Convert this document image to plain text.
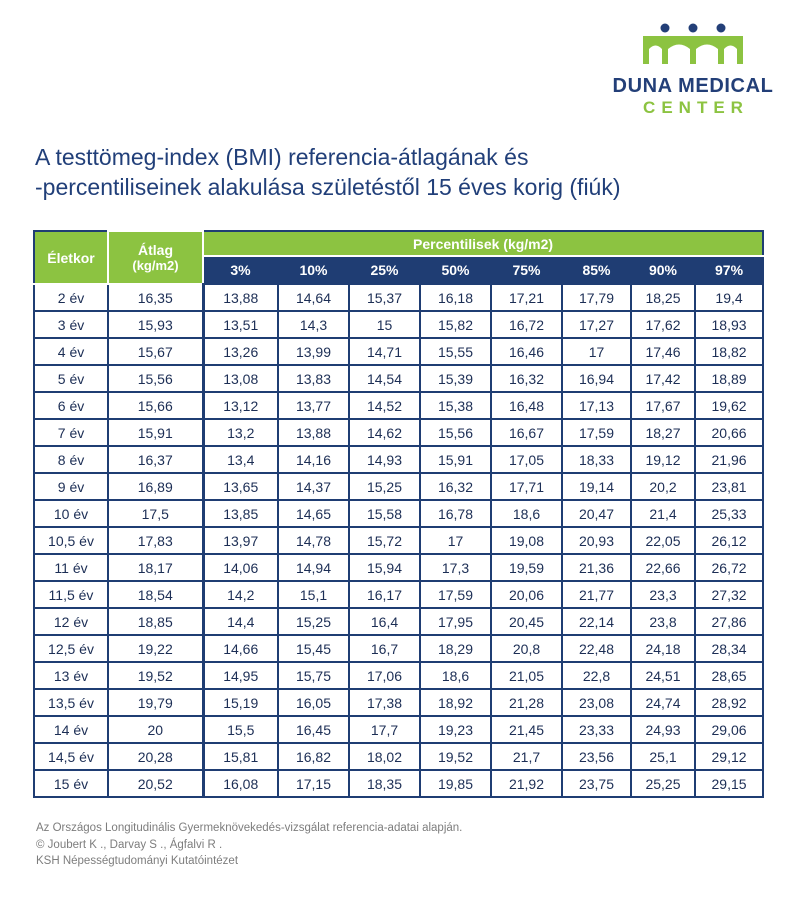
DUNA MEDICAL
CENTER
A testtömeg-index (BMI) referencia-átlagának és
-percentiliseinek alakulása születéstől 15 éves korig (fiúk)
Életkor	Átlag
(kg/m2)	Percentilisek (kg/m2)							
		3%	10%	25%	50%	75%	85%	90%	97%
2 év	16,35	13,88	14,64	15,37	16,18	17,21	17,79	18,25	19,4
3 év	15,93	13,51	14,3	15	15,82	16,72	17,27	17,62	18,93
4 év	15,67	13,26	13,99	14,71	15,55	16,46	17	17,46	18,82
5 év	15,56	13,08	13,83	14,54	15,39	16,32	16,94	17,42	18,89
6 év	15,66	13,12	13,77	14,52	15,38	16,48	17,13	17,67	19,62
7 év	15,91	13,2	13,88	14,62	15,56	16,67	17,59	18,27	20,66
8 év	16,37	13,4	14,16	14,93	15,91	17,05	18,33	19,12	21,96
9 év	16,89	13,65	14,37	15,25	16,32	17,71	19,14	20,2	23,81
10 év	17,5	13,85	14,65	15,58	16,78	18,6	20,47	21,4	25,33
10,5 év	17,83	13,97	14,78	15,72	17	19,08	20,93	22,05	26,12
11 év	18,17	14,06	14,94	15,94	17,3	19,59	21,36	22,66	26,72
11,5 év	18,54	14,2	15,1	16,17	17,59	20,06	21,77	23,3	27,32
12 év	18,85	14,4	15,25	16,4	17,95	20,45	22,14	23,8	27,86
12,5 év	19,22	14,66	15,45	16,7	18,29	20,8	22,48	24,18	28,34
13 év	19,52	14,95	15,75	17,06	18,6	21,05	22,8	24,51	28,65
13,5 év	19,79	15,19	16,05	17,38	18,92	21,28	23,08	24,74	28,92
14 év	20	15,5	16,45	17,7	19,23	21,45	23,33	24,93	29,06
14,5 év	20,28	15,81	16,82	18,02	19,52	21,7	23,56	25,1	29,12
15 év	20,52	16,08	17,15	18,35	19,85	21,92	23,75	25,25	29,15
Az Országos Longitudinális Gyermeknövekedés-vizsgálat referencia-adatai alapján.
© Joubert K ., Darvay S ., Ágfalvi R .
KSH Népességtudományi Kutatóintézet
